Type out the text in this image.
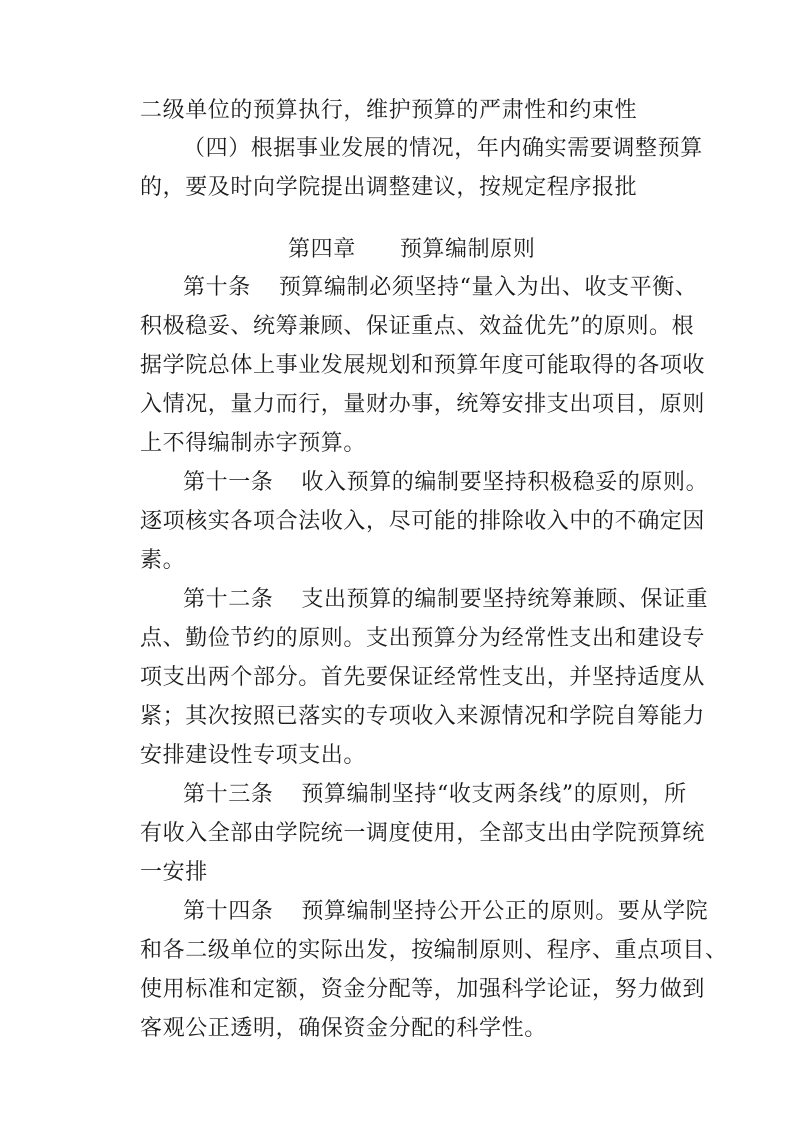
二级单位的预算执行，维护预算的严肃性和约束性
（四）根据事业发展的情况，年内确实需要调整预算
的，要及时向学院提出调整建议，按规定程序报批
第四章 预算编制原则
第十条 预算编制必须坚持“量入为出、收支平衡、
积极稳妥、统筹兼顾、保证重点、效益优先”的原则。根
据学院总体上事业发展规划和预算年度可能取得的各项收
入情况，量力而行，量财办事，统筹安排支出项目，原则
上不得编制赤字预算。
第十一条 收入预算的编制要坚持积极稳妥的原则。
逐项核实各项合法收入，尽可能的排除收入中的不确定因
素。
第十二条 支出预算的编制要坚持统筹兼顾、保证重
点、勤俭节约的原则。支出预算分为经常性支出和建设专
项支出两个部分。首先要保证经常性支出，并坚持适度从
紧；其次按照已落实的专项收入来源情况和学院自筹能力
安排建设性专项支出。
第十三条 预算编制坚持“收支两条线”的原则，所
有收入全部由学院统一调度使用，全部支出由学院预算统
一安排
第十四条 预算编制坚持公开公正的原则。要从学院
和各二级单位的实际出发，按编制原则、程序、重点项目、
使用标准和定额，资金分配等，加强科学论证，努力做到
客观公正透明，确保资金分配的科学性。
